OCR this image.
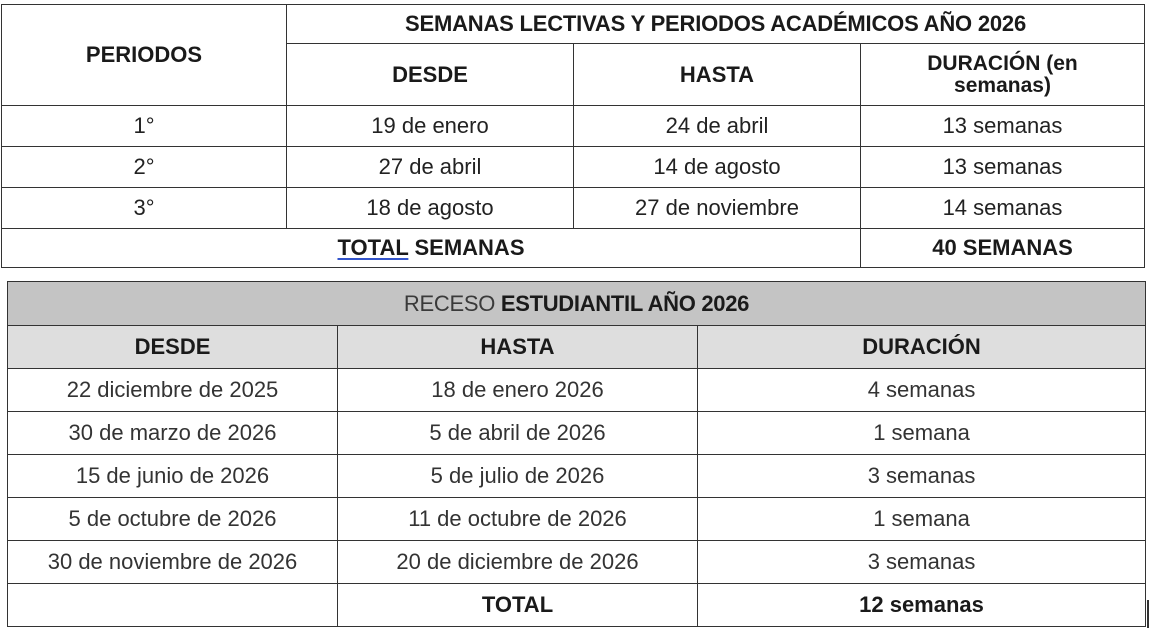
PERIODOS	SEMANAS LECTIVAS Y PERIODOS ACADÉMICOS AÑO 2026		
	DESDE	HASTA	DURACIÓN (en
semanas)
1°	19 de enero	24 de abril	13 semanas
2°	27 de abril	14 de agosto	13 semanas
3°	18 de agosto	27 de noviembre	14 semanas
TOTAL SEMANAS			40 SEMANAS
RECESO ESTUDIANTIL AÑO 2026		
DESDE	HASTA	DURACIÓN
22 diciembre de 2025	18 de enero 2026	4 semanas
30 de marzo de 2026	5 de abril de 2026	1 semana
15 de junio de 2026	5 de julio de 2026	3 semanas
5 de octubre de 2026	11 de octubre de 2026	1 semana
30 de noviembre de 2026	20 de diciembre de 2026	3 semanas
	TOTAL	12 semanas
